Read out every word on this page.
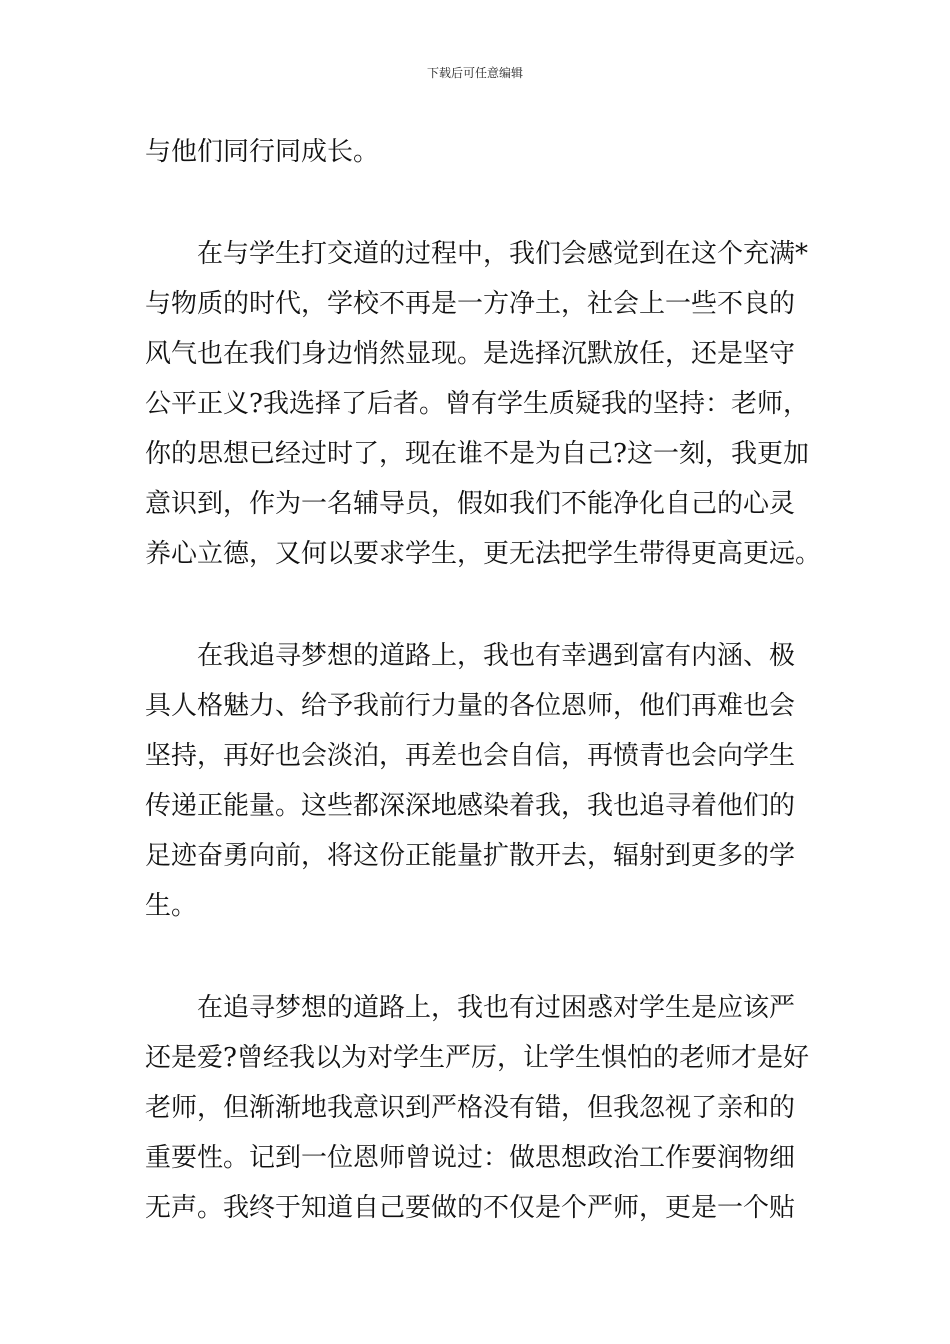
下载后可任意编辑
与他们同行同成长。
在与学生打交道的过程中，我们会感觉到在这个充满*
与物质的时代，学校不再是一方净土，社会上一些不良的
风气也在我们身边悄然显现。是选择沉默放任，还是坚守
公平正义?我选择了后者。曾有学生质疑我的坚持：老师，
你的思想已经过时了，现在谁不是为自己?这一刻，我更加
意识到，作为一名辅导员，假如我们不能净化自己的心灵
养心立德，又何以要求学生，更无法把学生带得更高更远。
在我追寻梦想的道路上，我也有幸遇到富有内涵、极
具人格魅力、给予我前行力量的各位恩师，他们再难也会
坚持，再好也会淡泊，再差也会自信，再愤青也会向学生
传递正能量。这些都深深地感染着我，我也追寻着他们的
足迹奋勇向前，将这份正能量扩散开去，辐射到更多的学
生。
在追寻梦想的道路上，我也有过困惑对学生是应该严
还是爱?曾经我以为对学生严厉，让学生惧怕的老师才是好
老师，但渐渐地我意识到严格没有错，但我忽视了亲和的
重要性。记到一位恩师曾说过：做思想政治工作要润物细
无声。我终于知道自己要做的不仅是个严师，更是一个贴
